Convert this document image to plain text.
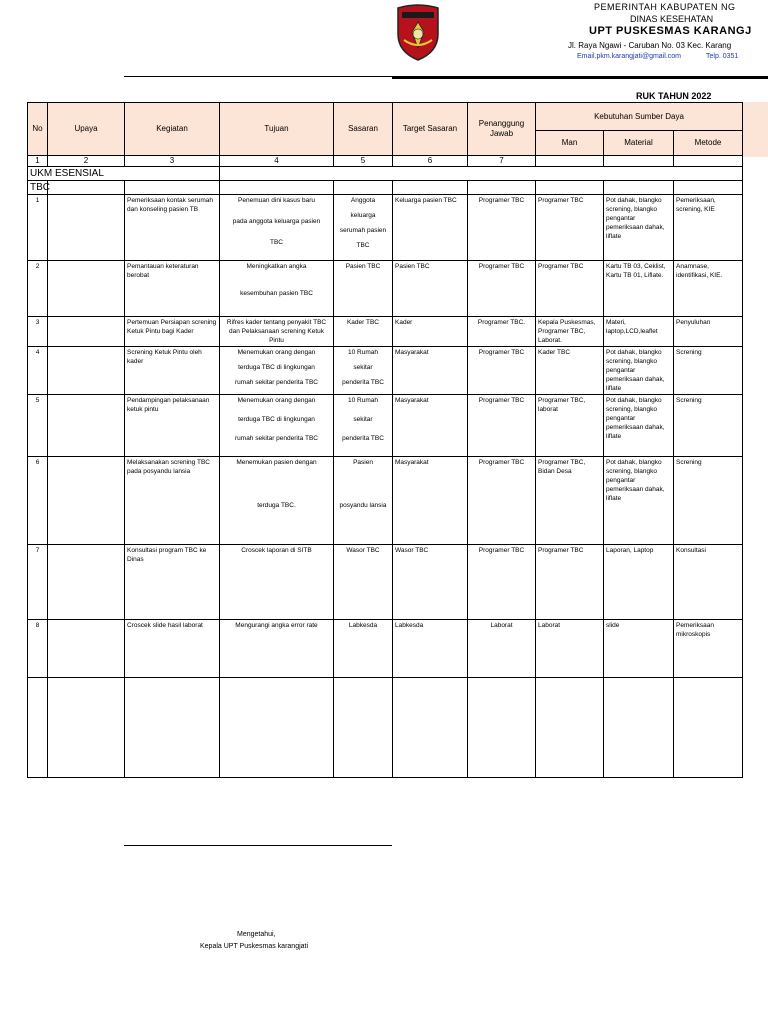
PEMERINTAH KABUPATEN NG
DINAS KESEHATAN
UPT PUSKESMAS KARANGJ
Jl. Raya Ngawi - Caruban No. 03 Kec. Karang
Email.pkm.karangjati@gmail.com	Telp. 0351
RUK TAHUN 2022
No	Upaya	Kegiatan	Tujuan	Sasaran	Target Sasaran	Penanggung Jawab	Kebutuhan Sumber Daya		
							Man	Material	Metode
1	2	3	4	5	6	7			
UKM ESENSIAL									
TBC									
1		Pemeriksaan kontak serumah dan konseling pasien TB	Penemuan dini kasus baru
pada anggota keluarga pasien
TBC	Anggota
keluarga
serumah pasien
TBC	Keluarga pasien TBC	Programer TBC	Programer TBC	Pot dahak, blangko screning, blangko pengantar pemeriksaan dahak, liflate	Pemeriksaan, screning, KIE
2		Pemantauan keteraturan berobat	Meningkatkan angka
kesembuhan pasien TBC	Pasien TBC	Pasien TBC	Programer TBC	Programer TBC	Kartu TB 03, Ceklist, Kartu TB 01, Liflate.	Anamnase, identifikasi, KIE.
3		Pertemuan Persiapan screning Ketuk Pintu bagi Kader	Rifres kader tentang penyakit TBC dan Pelaksanaan screning Ketuk Pintu	Kader TBC	Kader	Programer TBC.	Kepala Puskesmas, Programer TBC, Laborat.	Materi, laptop,LCD,leaflet	Penyuluhan
4		Screning Ketuk Pintu oleh kader	Menemukan orang dengan
terduga TBC di lingkungan
rumah sekitar penderita TBC	10 Rumah
sekitar
penderita TBC	Masyarakat	Programer TBC	Kader TBC	Pot dahak, blangko screning, blangko pengantar pemeriksaan dahak, liflate	Screning
5		Pendampingan pelaksanaan ketuk pintu	Menemukan orang dengan
terduga TBC di lingkungan
rumah sekitar penderita TBC	10 Rumah
sekitar
penderita TBC	Masyarakat	Programer TBC	Programer TBC, laborat	Pot dahak, blangko screning, blangko pengantar pemeriksaan dahak, liflate	Screning
6		Melaksanakan screning TBC pada posyandu lansia	Menemukan pasien dengan
terduga TBC.	Pasien
posyandu lansia	Masyarakat	Programer TBC	Programer TBC, Bidan Desa	Pot dahak, blangko screning, blangko pengantar pemeriksaan dahak, liflate	Screning
7		Konsultasi program TBC ke Dinas	Croscek laporan di SITB	Wasor TBC	Wasor TBC	Programer TBC	Programer TBC	Laporan, Laptop	Konsultasi
8		Croscek slide hasil laborat	Mengurangi angka error rate	Labkesda	Labkesda	Laborat	Laborat	slide	Pemeriksaan mikroskopis

Mengetahui,
Kepala UPT Puskesmas karangjati
